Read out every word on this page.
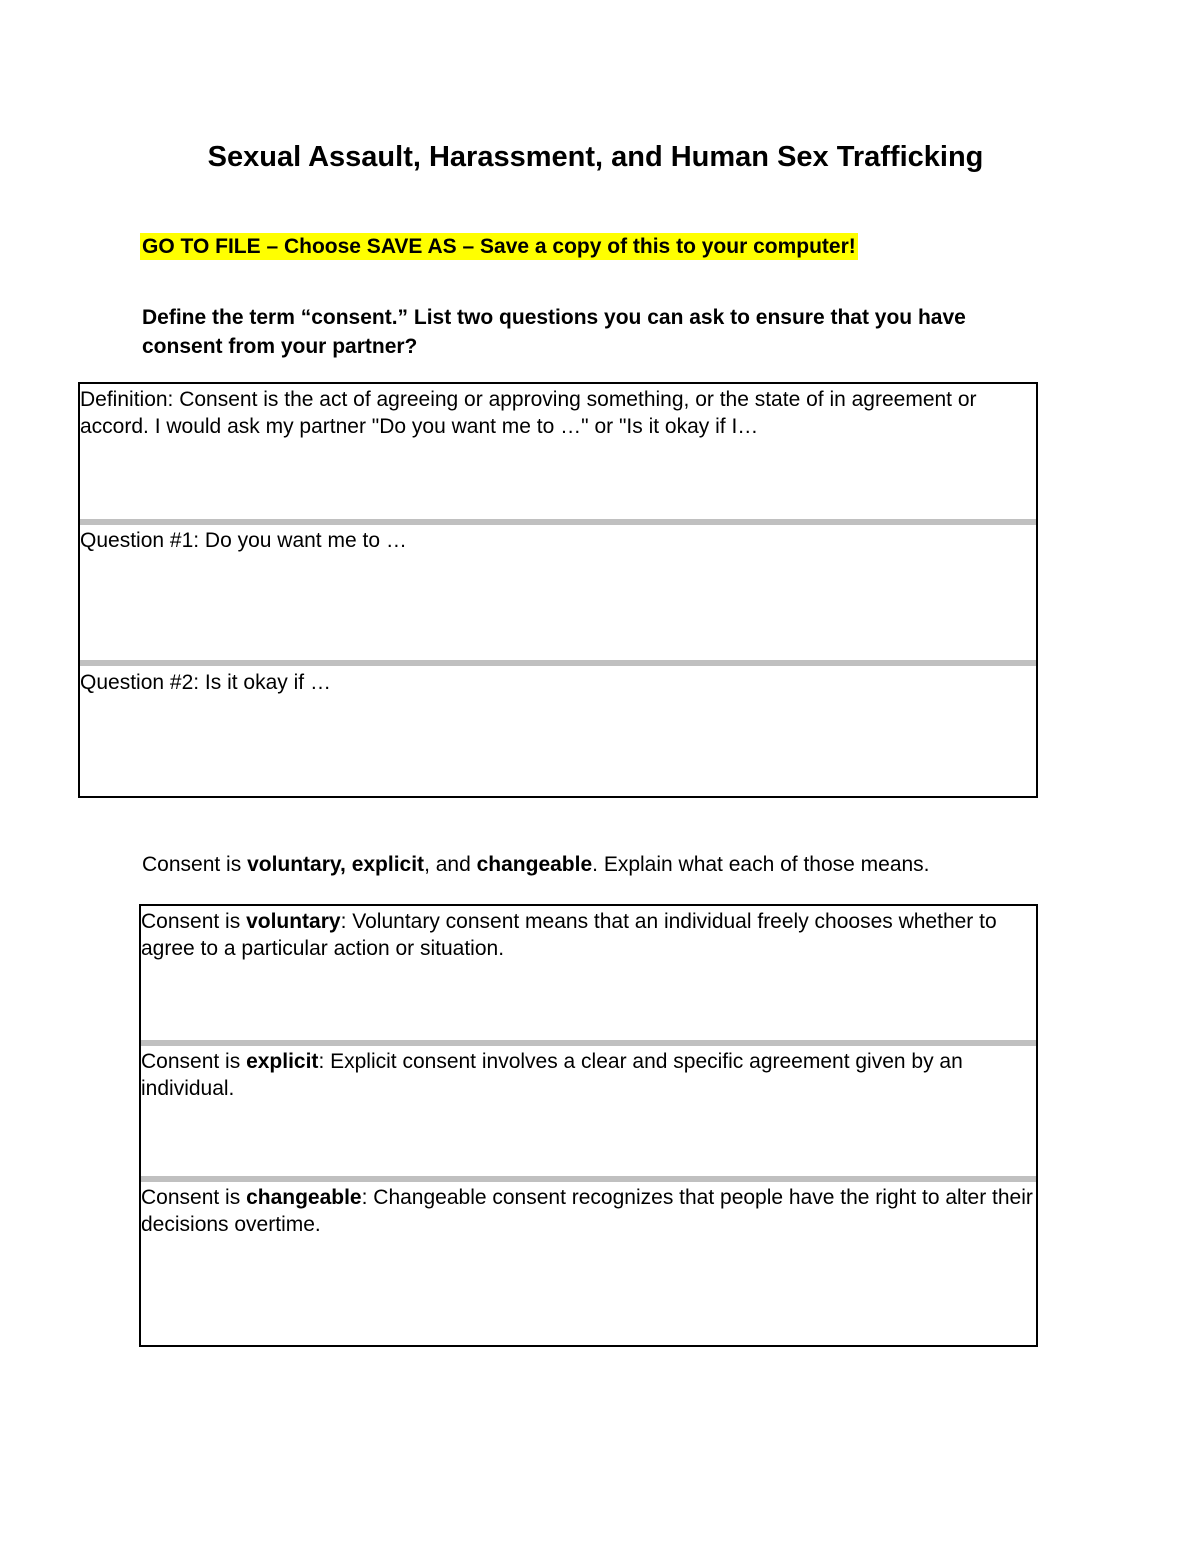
Sexual Assault, Harassment, and Human Sex Trafficking
GO TO FILE – Choose SAVE AS – Save a copy of this to your computer!
Define the term “consent.” List two questions you can ask to ensure that you have consent from your partner?
Definition: Consent is the act of agreeing or approving something, or the state of in agreement or accord. I would ask my partner "Do you want me to …" or "Is it okay if I…
Question #1: Do you want me to …
Question #2: Is it okay if …
Consent is voluntary, explicit, and changeable. Explain what each of those means.
Consent is voluntary: Voluntary consent means that an individual freely chooses whether to agree to a particular action or situation.
Consent is explicit: Explicit consent involves a clear and specific agreement given by an individual.
Consent is changeable: Changeable consent recognizes that people have the right to alter their decisions overtime.
